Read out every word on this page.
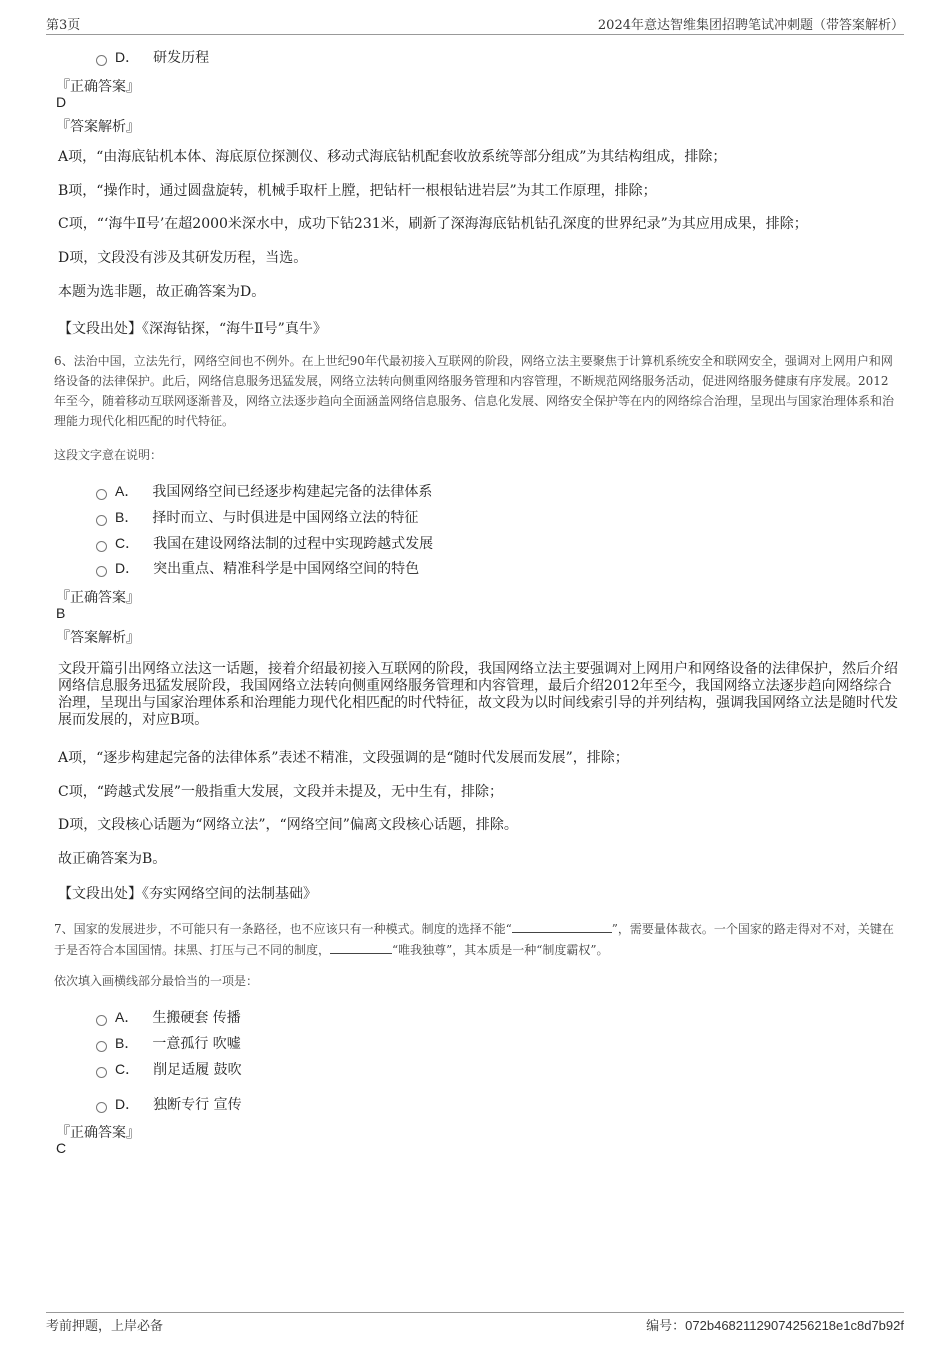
第3页	2024年意达智维集团招聘笔试冲刺题（带答案解析）
D． 研发历程
『正确答案』
D
『答案解析』
A项，“由海底钻机本体、海底原位探测仪、移动式海底钻机配套收放系统等部分组成”为其结构组成，排除；
B项，“操作时，通过圆盘旋转，机械手取杆上膛，把钻杆一根根钻进岩层”为其工作原理，排除；
C项，“‘海牛Ⅱ号’在超2000米深水中，成功下钻231米，刷新了深海海底钻机钻孔深度的世界纪录”为其应用成果，排除；
D项，文段没有涉及其研发历程，当选。
本题为选非题，故正确答案为D。
【文段出处】《深海钻探，“海牛Ⅱ号”真牛》
6、法治中国，立法先行，网络空间也不例外。在上世纪90年代最初接入互联网的阶段，网络立法主要聚焦于计算机系统安全和联网安全，强调对上网用户和网络设备的法律保护。此后，网络信息服务迅猛发展，网络立法转向侧重网络服务管理和内容管理，不断规范网络服务活动，促进网络服务健康有序发展。2012年至今，随着移动互联网逐渐普及，网络立法逐步趋向全面涵盖网络信息服务、信息化发展、网络安全保护等在内的网络综合治理，呈现出与国家治理体系和治理能力现代化相匹配的时代特征。
这段文字意在说明：
A． 我国网络空间已经逐步构建起完备的法律体系
B． 择时而立、与时俱进是中国网络立法的特征
C． 我国在建设网络法制的过程中实现跨越式发展
D． 突出重点、精准科学是中国网络空间的特色
『正确答案』
B
『答案解析』
文段开篇引出网络立法这一话题，接着介绍最初接入互联网的阶段，我国网络立法主要强调对上网用户和网络设备的法律保护，然后介绍网络信息服务迅猛发展阶段，我国网络立法转向侧重网络服务管理和内容管理，最后介绍2012年至今，我国网络立法逐步趋向网络综合治理，呈现出与国家治理体系和治理能力现代化相匹配的时代特征，故文段为以时间线索引导的并列结构，强调我国网络立法是随时代发展而发展的，对应B项。
A项，“逐步构建起完备的法律体系”表述不精准，文段强调的是“随时代发展而发展”，排除；
C项，“跨越式发展”一般指重大发展，文段并未提及，无中生有，排除；
D项，文段核心话题为“网络立法”，“网络空间”偏离文段核心话题，排除。
故正确答案为B。
【文段出处】《夯实网络空间的法制基础》
7、国家的发展进步，不可能只有一条路径，也不应该只有一种模式。制度的选择不能“	”，需要量体裁衣。一个国家的路走得对不对，关键在于是否符合本国国情。抹黑、打压与己不同的制度，	“唯我独尊”，其本质是一种“制度霸权”。
依次填入画横线部分最恰当的一项是：
A． 生搬硬套 传播
B． 一意孤行 吹嘘
C． 削足适履 鼓吹
D． 独断专行 宣传
『正确答案』
C
考前押题，上岸必备	编号：072b46821129074256218e1c8d7b92f
